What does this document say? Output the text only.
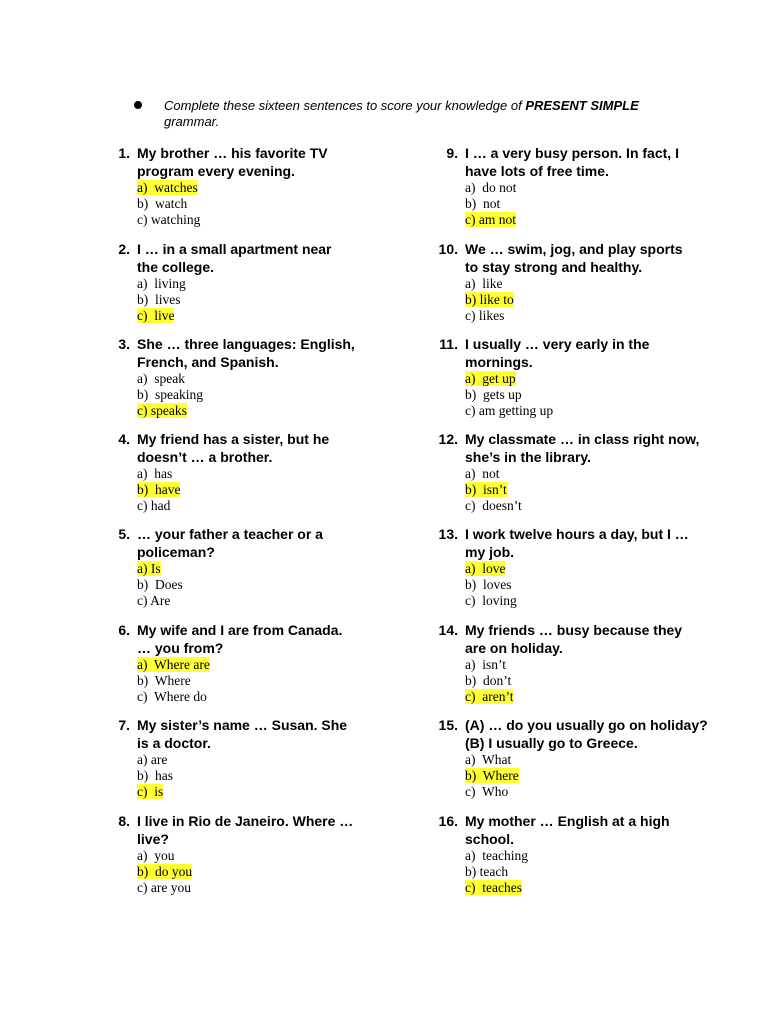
Complete these sixteen sentences to score your knowledge of PRESENT SIMPLE grammar.
1. My brother … his favorite TV
program every evening.
a)  watches
b)  watch
c) watching
2. I … in a small apartment near
the college.
a)  living
b)  lives
c)  live
3. She … three languages: English,
French, and Spanish.
a)  speak
b)  speaking
c) speaks
4. My friend has a sister, but he
doesn’t … a brother.
a)  has
b)  have
c) had
5. … your father a teacher or a
policeman?
a) Is
b)  Does
c) Are
6. My wife and I are from Canada.
… you from?
a)  Where are
b)  Where
c)  Where do
7. My sister’s name … Susan. She
is a doctor.
a) are
b)  has
c)  is
8. I live in Rio de Janeiro. Where …
live?
a)  you
b)  do you
c) are you
9. I … a very busy person. In fact, I
have lots of free time.
a)  do not
b)  not
c) am not
10. We … swim, jog, and play sports
to stay strong and healthy.
a)  like
b) like to
c) likes
11. I usually … very early in the
mornings.
a)  get up
b)  gets up
c) am getting up
12. My classmate … in class right now,
she’s in the library.
a)  not
b)  isn’t
c)  doesn’t
13. I work twelve hours a day, but I …
my job.
a)  love
b)  loves
c)  loving
14. My friends … busy because they
are on holiday.
a)  isn’t
b)  don’t
c)  aren’t
15. (A) … do you usually go on holiday?
(B) I usually go to Greece.
a)  What
b)  Where
c)  Who
16. My mother … English at a high
school.
a)  teaching
b) teach
c)  teaches
